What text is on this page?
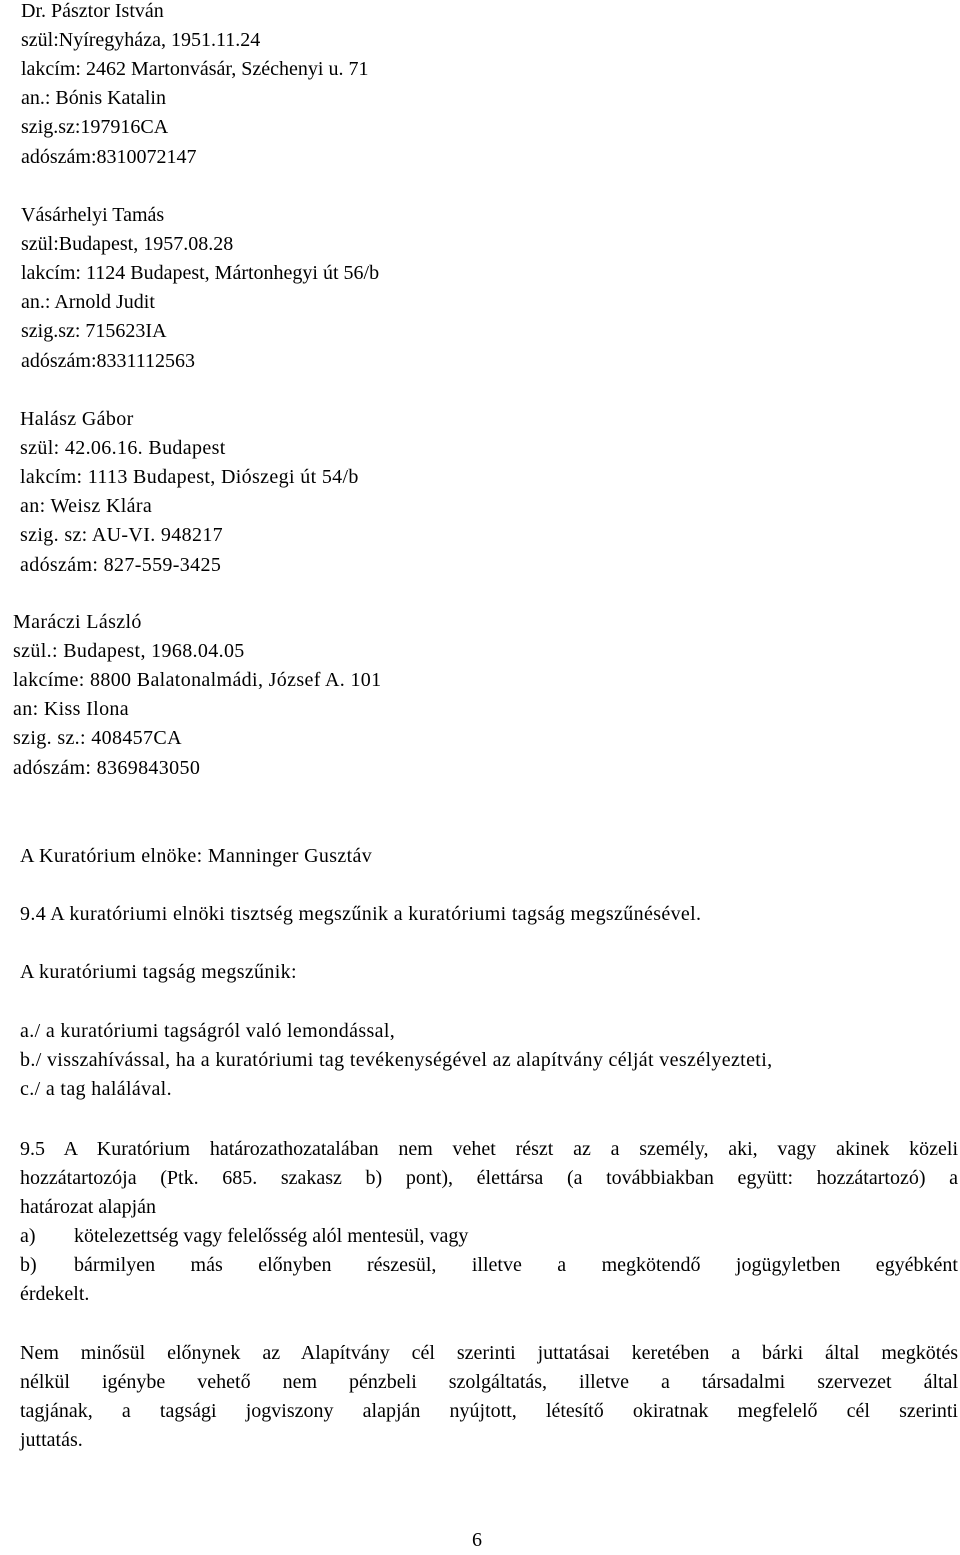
Dr. Pásztor István
szül:Nyíregyháza, 1951.11.24
lakcím: 2462 Martonvásár, Széchenyi u. 71
an.: Bónis Katalin
szig.sz:197916CA
adószám:8310072147
Vásárhelyi Tamás
szül:Budapest, 1957.08.28
lakcím: 1124 Budapest, Mártonhegyi út 56/b
an.: Arnold Judit
szig.sz: 715623IA
adószám:8331112563
Halász Gábor
szül: 42.06.16. Budapest
lakcím: 1113 Budapest, Diószegi út 54/b
an: Weisz Klára
szig. sz: AU-VI. 948217
adószám: 827-559-3425
Maráczi László
szül.: Budapest, 1968.04.05
lakcíme: 8800 Balatonalmádi, József A. 101
an: Kiss Ilona
szig. sz.: 408457CA
adószám: 8369843050
A Kuratórium elnöke: Manninger Gusztáv
9.4 A kuratóriumi elnöki tisztség megszűnik a kuratóriumi tagság megszűnésével.
A kuratóriumi tagság megszűnik:
a./ a kuratóriumi tagságról való lemondással,
b./ visszahívással, ha a kuratóriumi tag tevékenységével az alapítvány célját veszélyezteti,
c./ a tag halálával.
9.5 A Kuratórium határozathozatalában nem vehet részt az a személy, aki, vagy akinek közeli
hozzátartozója (Ptk. 685. szakasz b) pont), élettársa (a továbbiakban együtt: hozzátartozó) a
határozat alapján
a) kötelezettség vagy felelősség alól mentesül, vagy
b)	bármilyen más előnyben részesül, illetve a megkötendő jogügyletben egyébként
érdekelt.
Nem minősül előnynek az Alapítvány cél szerinti juttatásai keretében a bárki által megkötés
nélkül igénybe vehető nem pénzbeli szolgáltatás, illetve a társadalmi szervezet által
tagjának, a tagsági jogviszony alapján nyújtott, létesítő okiratnak megfelelő cél szerinti
juttatás.
6
